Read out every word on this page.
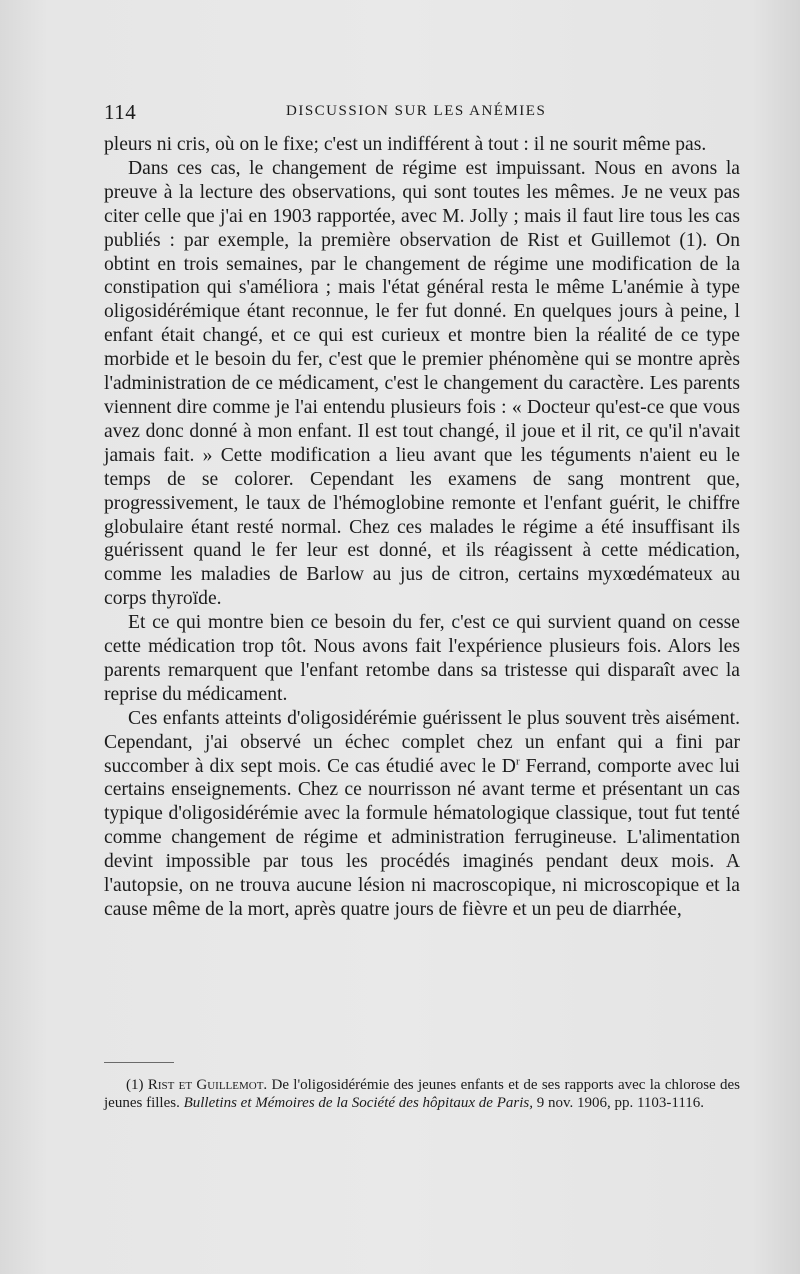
114	DISCUSSION SUR LES ANÉMIES

pleurs ni cris, où on le fixe; c'est un indifférent à tout : il ne sourit même pas.

Dans ces cas, le changement de régime est impuissant. Nous en avons la preuve à la lecture des observations, qui sont toutes les mêmes. Je ne veux pas citer celle que j'ai en 1903 rapportée, avec M. Jolly ; mais il faut lire tous les cas publiés : par exemple, la première observation de Rist et Guillemot (1). On obtint en trois semaines, par le changement de régime une modification de la constipation qui s'améliora ; mais l'état général resta le même L'anémie à type oligosidérémique étant reconnue, le fer fut donné. En quelques jours à peine, l enfant était changé, et ce qui est curieux et montre bien la réalité de ce type morbide et le besoin du fer, c'est que le premier phénomène qui se montre après l'administration de ce médicament, c'est le changement du caractère. Les parents viennent dire comme je l'ai entendu plusieurs fois : « Docteur qu'est-ce que vous avez donc donné à mon enfant. Il est tout changé, il joue et il rit, ce qu'il n'avait jamais fait. » Cette modification a lieu avant que les téguments n'aient eu le temps de se colorer. Cependant les examens de sang montrent que, progressivement, le taux de l'hémoglobine remonte et l'enfant guérit, le chiffre globulaire étant resté normal. Chez ces malades le régime a été insuffisant ils guérissent quand le fer leur est donné, et ils réagissent à cette médication, comme les maladies de Barlow au jus de citron, certains myxœdémateux au corps thyroïde.

Et ce qui montre bien ce besoin du fer, c'est ce qui survient quand on cesse cette médication trop tôt. Nous avons fait l'expérience plusieurs fois. Alors les parents remarquent que l'enfant retombe dans sa tristesse qui disparaît avec la reprise du médicament.

Ces enfants atteints d'oligosidérémie guérissent le plus souvent très aisément. Cependant, j'ai observé un échec complet chez un enfant qui a fini par succomber à dix sept mois. Ce cas étudié avec le $D^r$ Ferrand, comporte avec lui certains enseignements. Chez ce nourrisson né avant terme et présentant un cas typique d'oligosidérémie avec la formule hématologique classique, tout fut tenté comme changement de régime et administration ferrugineuse. L'alimentation devint impossible par tous les procédés imaginés pendant deux mois. A l'autopsie, on ne trouva aucune lésion ni macroscopique, ni microscopique et la cause même de la mort, après quatre jours de fièvre et un peu de diarrhée,

(1) Rist et Guillemot. De l'oligosidérémie des jeunes enfants et de ses rapports avec la chlorose des jeunes filles. Bulletins et Mémoires de la Société des hôpitaux de Paris, 9 nov. 1906, pp. 1103-1116.
